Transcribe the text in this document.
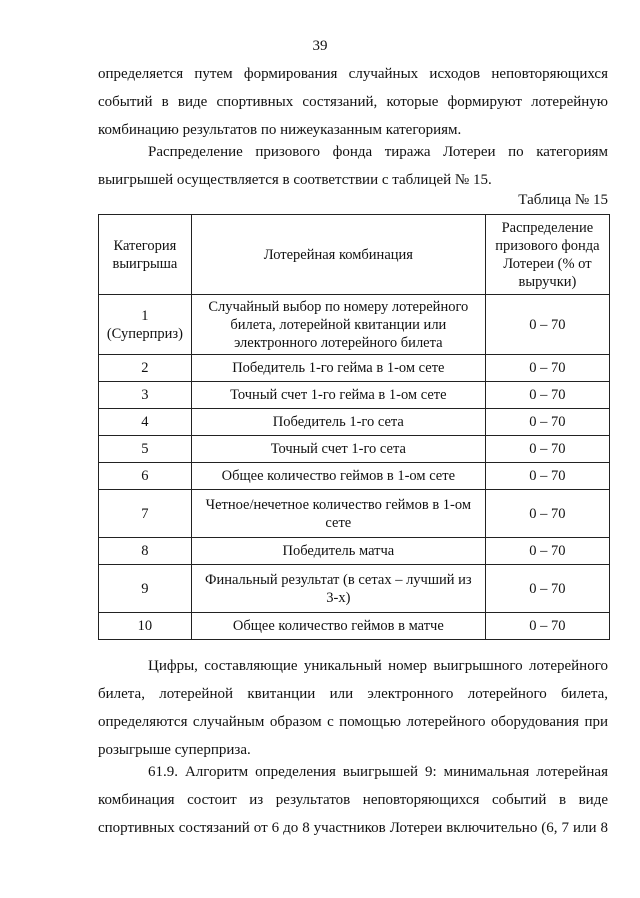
39

определяется путем формирования случайных исходов неповторяющихся

событий в виде спортивных состязаний, которые формируют лотерейную

комбинацию результатов по нижеуказанным категориям.

Распределение призового фонда тиража Лотереи по категориям

выигрышей осуществляется в соответствии с таблицей № 15.

Таблица № 15
Категория выигрыша	Лотерейная комбинация	Распределение призового фонда Лотереи (% от выручки)
1 (Суперприз)	Случайный выбор по номеру лотерейного билета, лотерейной квитанции или электронного лотерейного билета	0 – 70
2	Победитель 1-го гейма в 1-ом сете	0 – 70
3	Точный счет 1-го гейма в 1-ом сете	0 – 70
4	Победитель 1-го сета	0 – 70
5	Точный счет 1-го сета	0 – 70
6	Общее количество геймов в 1-ом сете	0 – 70
7	Четное/нечетное количество геймов в 1-ом сете	0 – 70
8	Победитель матча	0 – 70
9	Финальный результат (в сетах – лучший из 3-х)	0 – 70
10	Общее количество геймов в матче	0 – 70

Цифры, составляющие уникальный номер выигрышного лотерейного

билета, лотерейной квитанции или электронного лотерейного билета,

определяются случайным образом с помощью лотерейного оборудования при

розыгрыше суперприза.

61.9. Алгоритм определения выигрышей 9: минимальная лотерейная

комбинация состоит из результатов неповторяющихся событий в виде

спортивных состязаний от 6 до 8 участников Лотереи включительно (6, 7 или 8
